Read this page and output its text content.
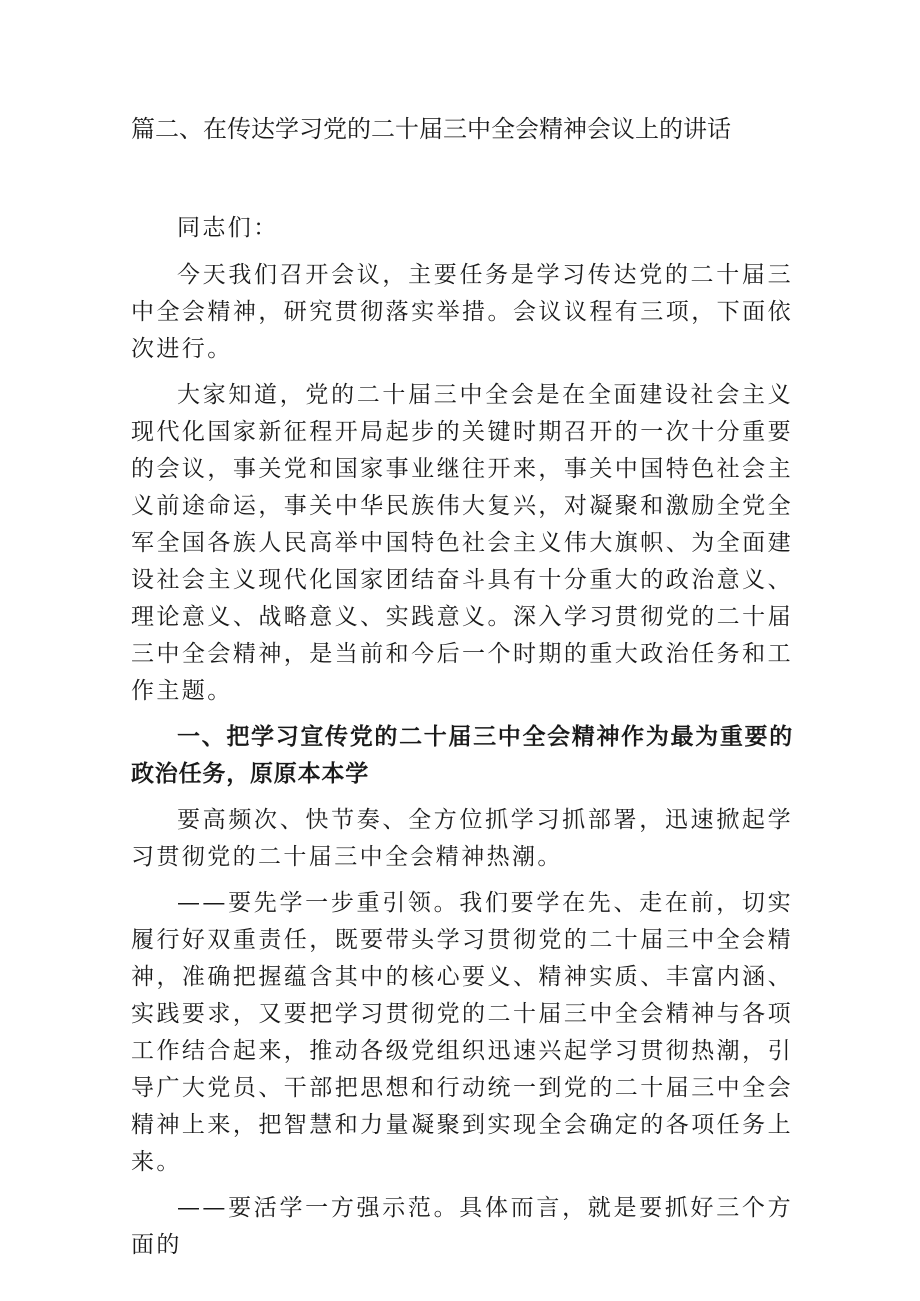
篇二、在传达学习党的二十届三中全会精神会议上的讲话

同志们：

今天我们召开会议，主要任务是学习传达党的二十届三中全会精神，研究贯彻落实举措。会议议程有三项，下面依次进行。

大家知道，党的二十届三中全会是在全面建设社会主义现代化国家新征程开局起步的关键时期召开的一次十分重要的会议，事关党和国家事业继往开来，事关中国特色社会主义前途命运，事关中华民族伟大复兴，对凝聚和激励全党全军全国各族人民高举中国特色社会主义伟大旗帜、为全面建设社会主义现代化国家团结奋斗具有十分重大的政治意义、理论意义、战略意义、实践意义。深入学习贯彻党的二十届三中全会精神，是当前和今后一个时期的重大政治任务和工作主题。

一、把学习宣传党的二十届三中全会精神作为最为重要的政治任务，原原本本学

要高频次、快节奏、全方位抓学习抓部署，迅速掀起学习贯彻党的二十届三中全会精神热潮。

——要先学一步重引领。我们要学在先、走在前，切实履行好双重责任，既要带头学习贯彻党的二十届三中全会精神，准确把握蕴含其中的核心要义、精神实质、丰富内涵、实践要求，又要把学习贯彻党的二十届三中全会精神与各项工作结合起来，推动各级党组织迅速兴起学习贯彻热潮，引导广大党员、干部把思想和行动统一到党的二十届三中全会精神上来，把智慧和力量凝聚到实现全会确定的各项任务上来。

——要活学一方强示范。具体而言，就是要抓好三个方面的
